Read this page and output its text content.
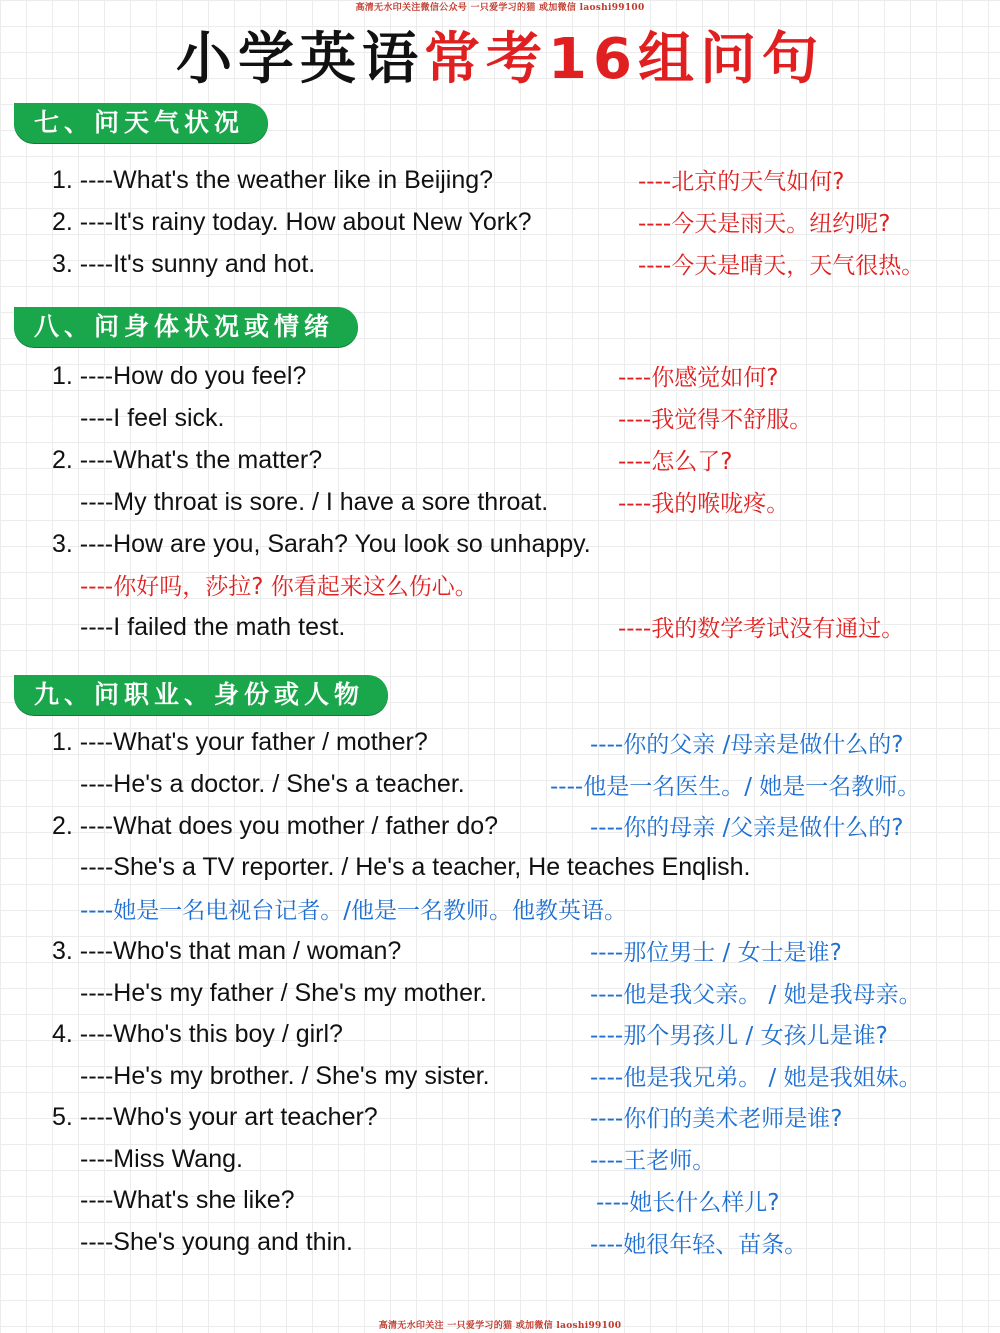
高清无水印关注微信公众号 一只爱学习的猫 或加微信 laoshi99100
小学英语常考16组问句
七、问天气状况
1. ----What's the weather like in Beijing?	----北京的天气如何?
2. ----It's rainy today. How about New York?	----今天是雨天。纽约呢?
3. ----It's sunny and hot.	----今天是晴天，天气很热。
八、问身体状况或情绪
1. ----How do you feel?	----你感觉如何?
----I feel sick.	----我觉得不舒服。
2. ----What's the matter?	----怎么了?
----My throat is sore. / I have a sore throat.	----我的喉咙疼。
3. ----How are you, Sarah? You look so unhappy.
----你好吗，莎拉? 你看起来这么伤心。
----I failed the math test.	----我的数学考试没有通过。
九、问职业、身份或人物
1. ----What's your father / mother?	----你的父亲 /母亲是做什么的?
----He's a doctor. / She's a teacher.	----他是一名医生。/ 她是一名教师。
2. ----What does you mother / father do?	----你的母亲 /父亲是做什么的?
----She's a TV reporter. / He's a teacher, He teaches Enqlish.
----她是一名电视台记者。/他是一名教师。他教英语。
3. ----Who's that man / woman?	----那位男士 / 女士是谁?
----He's my father / She's my mother.	----他是我父亲。 / 她是我母亲。
4. ----Who's this boy / girl?	----那个男孩儿 / 女孩儿是谁?
----He's my brother. / She's my sister.	----他是我兄弟。 / 她是我姐妹。
5. ----Who's your art teacher?	----你们的美术老师是谁?
----Miss Wang.	----王老师。
----What's she like?	----她长什么样儿?
----She's young and thin.	----她很年轻、苗条。
高清无水印关注 一只爱学习的猫 或加微信 laoshi99100
